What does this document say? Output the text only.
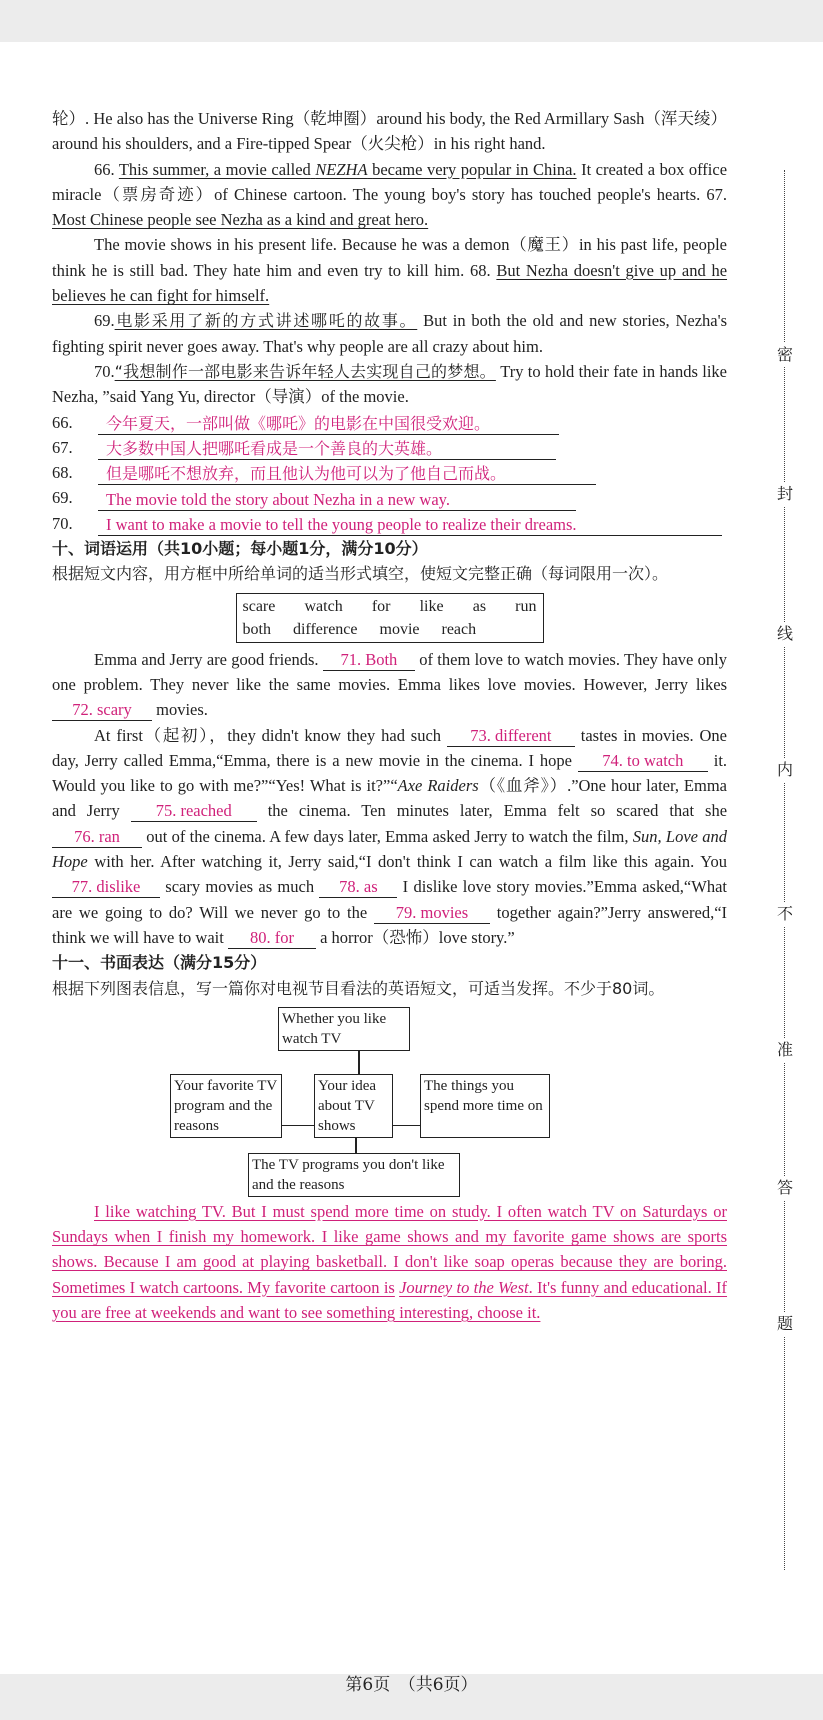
轮）. He also has the Universe Ring（乾坤圈）around his body, the Red Armillary Sash（浑天绫）around his shoulders, and a Fire-tipped Spear（火尖枪）in his right hand.

66. This summer, a movie called NEZHA became very popular in China. It created a box office miracle（票房奇迹）of Chinese cartoon. The young boy's story has touched people's hearts. 67. Most Chinese people see Nezha as a kind and great hero.

The movie shows in his present life. Because he was a demon（魔王）in his past life, people think he is still bad. They hate him and even try to kill him. 68. But Nezha doesn't give up and he believes he can fight for himself.

69.电影采用了新的方式讲述哪吒的故事。 But in both the old and new stories, Nezha's fighting spirit never goes away. That's why people are all crazy about him.

70.“我想制作一部电影来告诉年轻人去实现自己的梦想。 Try to hold their fate in hands like Nezha, ”said Yang Yu, director（导演）of the movie.

66.	今年夏天，一部叫做《哪吒》的电影在中国很受欢迎。
67.	大多数中国人把哪吒看成是一个善良的大英雄。
68.	但是哪吒不想放弃，而且他认为他可以为了他自己而战。
69.	The movie told the story about Nezha in a new way.
70.	I want to make a movie to tell the young people to realize their dreams.

十、词语运用（共10小题；每小题1分，满分10分）

根据短文内容，用方框中所给单词的适当形式填空，使短文完整正确（每词限用一次）。

scare watch for like as run
both difference movie reach

Emma and Jerry are good friends. 71. Both of them love to watch movies. They have only one problem. They never like the same movies. Emma likes love movies. However, Jerry likes 72. scary movies.

At first（起初），they didn't know they had such 73. different tastes in movies. One day, Jerry called Emma,“Emma, there is a new movie in the cinema. I hope 74. to watch it. Would you like to go with me?”“Yes! What is it?”“Axe Raiders（《血斧》）.”One hour later, Emma and Jerry 75. reached the cinema. Ten minutes later, Emma felt so scared that she 76. ran out of the cinema. A few days later, Emma asked Jerry to watch the film, Sun, Love and Hope with her. After watching it, Jerry said,“I don't think I can watch a film like this again. You 77. dislike scary movies as much 78. as I dislike love story movies.”Emma asked,“What are we going to do? Will we never go to the 79. movies together again?”Jerry answered,“I think we will have to wait 80. for a horror（恐怖）love story.”

十一、书面表达（满分15分）

根据下列图表信息，写一篇你对电视节目看法的英语短文，可适当发挥。不少于80词。

Whether you like watch TV
Your favorite TV program and the reasons
Your idea about TV shows
The things you spend more time on
The TV programs you don't like and the reasons

I like watching TV. But I must spend more time on study. I often watch TV on Saturdays or Sundays when I finish my homework. I like game shows and my favorite game shows are sports shows. Because I am good at playing basketball. I don't like soap operas because they are boring. Sometimes I watch cartoons. My favorite cartoon is Journey to the West. It's funny and educational. If you are free at weekends and want to see something interesting, choose it.

密
封
线
内
不
准
答
题
第6页　（共6页）
